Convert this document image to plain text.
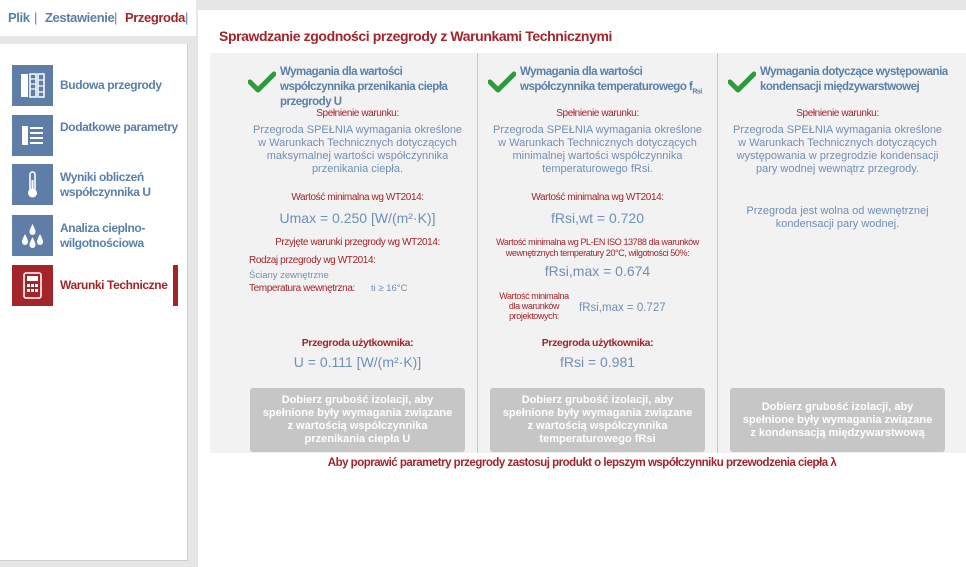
Plik | Zestawienie | Przegroda |
Budowa przegrody
Dodatkowe parametry
Wyniki obliczeń współczynnika U
Analiza cieplno-wilgotnościowa
Warunki Techniczne
Sprawdzanie zgodności przegrody z Warunkami Technicznymi
Wymagania dla wartości współczynnika przenikania ciepła przegrody U
Spełnienie warunku:
Przegroda SPEŁNIA wymagania określone w Warunkach Technicznych dotyczących maksymalnej wartości współczynnika przenikania ciepła.
Wartość minimalna wg WT2014:
Umax = 0.250 [W/(m²·K)]
Przyjęte warunki przegrody wg WT2014:
Rodzaj przegrody wg WT2014:
Ściany zewnętrzne
Temperatura wewnętrzna: ti ≥ 16°C
Przegroda użytkownika:
U = 0.111 [W/(m²·K)]
Wymagania dla wartości współczynnika temperaturowego $f_{Rsi}$
Spełnienie warunku:
Przegroda SPEŁNIA wymagania określone w Warunkach Technicznych dotyczących minimalnej wartości współczynnika temperaturowego fRsi.
Wartość minimalna wg WT2014:
fRsi,wt = 0.720
Wartość minimalna wg PL-EN ISO 13788 dla warunków wewnętrznych temperatury 20°C, wilgotności 50%:
fRsi,max = 0.674
Wartość minimalna dla warunków projektowych:
fRsi,max = 0.727
Przegroda użytkownika:
fRsi = 0.981
Wymagania dotyczące występowania kondensacji międzywarstwowej
Spełnienie warunku:
Przegroda SPEŁNIA wymagania określone w Warunkach Technicznych dotyczących występowania w przegrodzie kondensacji pary wodnej wewnątrz przegrody.
Przegroda jest wolna od wewnętrznej kondensacji pary wodnej.
Dobierz grubość izolacji, aby spełnione były wymagania związane z wartością współczynnika przenikania ciepła U
Dobierz grubość izolacji, aby spełnione były wymagania związane z wartością współczynnika temperaturowego fRsi
Dobierz grubość izolacji, aby spełnione były wymagania związane z kondensacją międzywarstwową
Aby poprawić parametry przegrody zastosuj produkt o lepszym współczynniku przewodzenia ciepła λ
